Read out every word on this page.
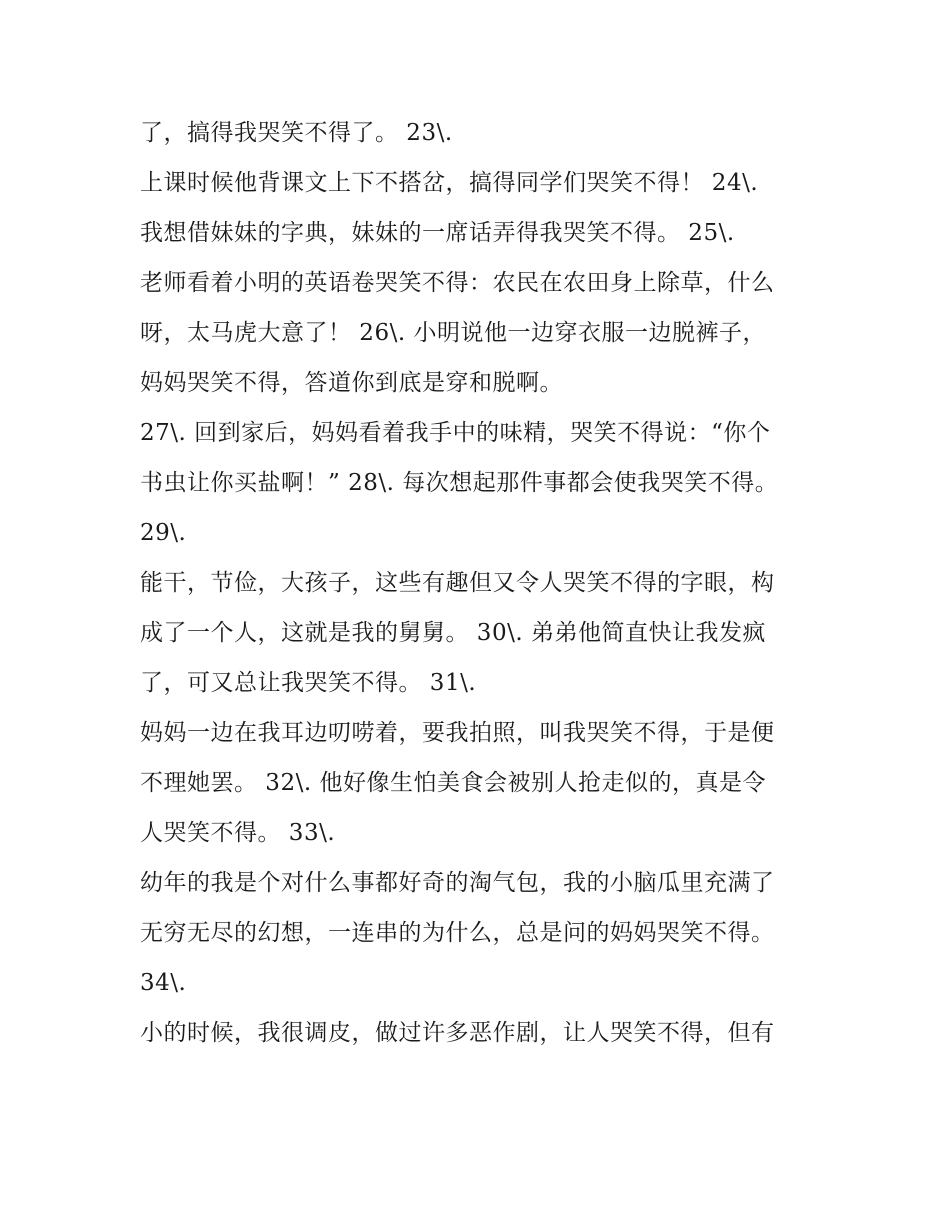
了，搞得我哭笑不得了。 23\.
上课时候他背课文上下不搭岔，搞得同学们哭笑不得！ 24\.
我想借妹妹的字典，妹妹的一席话弄得我哭笑不得。 25\.
老师看着小明的英语卷哭笑不得：农民在农田身上除草，什么
呀，太马虎大意了！ 26\. 小明说他一边穿衣服一边脱裤子，
妈妈哭笑不得，答道你到底是穿和脱啊。
27\. 回到家后，妈妈看着我手中的味精，哭笑不得说：“你个
书虫让你买盐啊！” 28\. 每次想起那件事都会使我哭笑不得。
29\.
能干，节俭，大孩子，这些有趣但又令人哭笑不得的字眼，构
成了一个人，这就是我的舅舅。 30\. 弟弟他简直快让我发疯
了，可又总让我哭笑不得。 31\.
妈妈一边在我耳边叨唠着，要我拍照，叫我哭笑不得，于是便
不理她罢。 32\. 他好像生怕美食会被别人抢走似的，真是令
人哭笑不得。 33\.
幼年的我是个对什么事都好奇的淘气包，我的小脑瓜里充满了
无穷无尽的幻想，一连串的为什么，总是问的妈妈哭笑不得。
34\.
小的时候，我很调皮，做过许多恶作剧，让人哭笑不得，但有
